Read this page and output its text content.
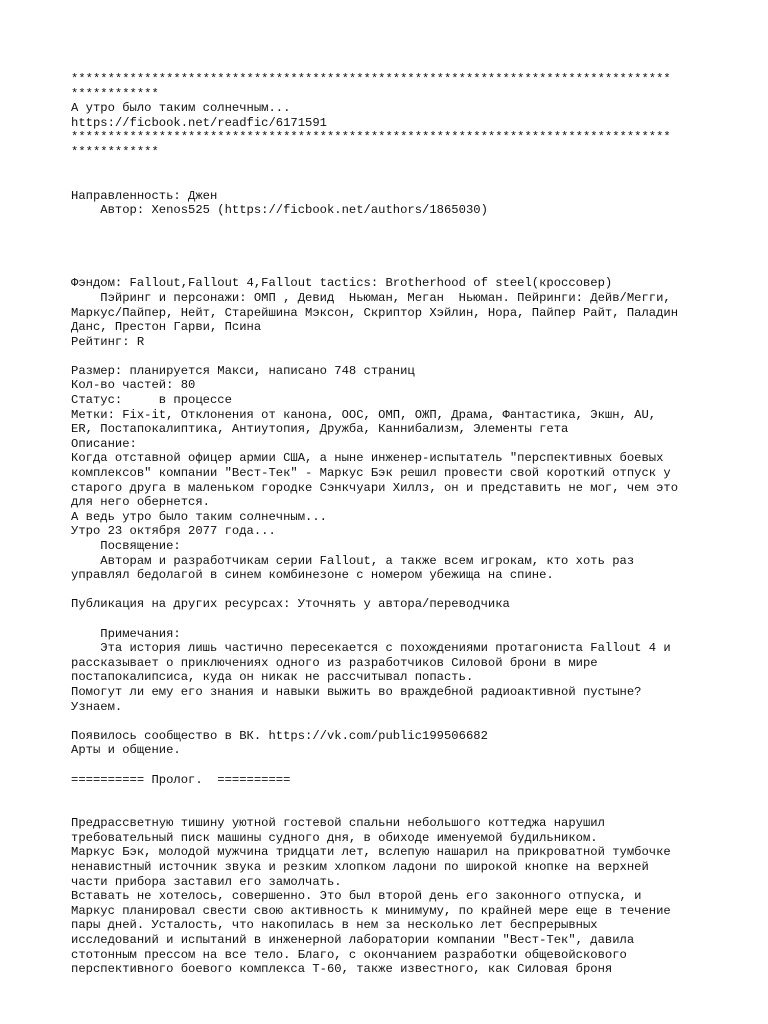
**********************************************************************************
************
А утро было таким солнечным...
https://ficbook.net/readfic/6171591
**********************************************************************************
************
Направленность: Джен
Автор: Xenos525 (https://ficbook.net/authors/1865030)
Фэндом: Fallout,Fallout 4,Fallout tactics: Brotherhood of steel(кроссовер)
Пэйринг и персонажи: ОМП , Девид  Ньюман, Меган  Ньюман. Пейринги: Дейв/Мегги,
Маркус/Пайпер, Нейт, Старейшина Мэксон, Скриптор Хэйлин, Нора, Пайпер Райт, Паладин
Данс, Престон Гарви, Псина
Рейтинг: R
Размер: планируется Макси, написано 748 страниц
Кол-во частей: 80
Статус:     в процессе
Метки: Fix-it, Отклонения от канона, ООС, ОМП, ОЖП, Драма, Фантастика, Экшн, AU,
ER, Постапокалиптика, Антиутопия, Дружба, Каннибализм, Элементы гета
Описание:
Когда отставной офицер армии США, а ныне инженер-испытатель "перспективных боевых
комплексов" компании "Вест-Тек" - Маркус Бэк решил провести свой короткий отпуск у
старого друга в маленьком городке Сэнкчуари Хиллз, он и представить не мог, чем это
для него обернется.
А ведь утро было таким солнечным...
Утро 23 октября 2077 года...
Посвящение:
Авторам и разработчикам серии Fallout, а также всем игрокам, кто хоть раз
управлял бедолагой в синем комбинезоне с номером убежища на спине.
Публикация на других ресурсах: Уточнять у автора/переводчика
Примечания:
Эта история лишь частично пересекается с похождениями протагониста Fallout 4 и
рассказывает о приключениях одного из разработчиков Силовой брони в мире
постапокалипсиса, куда он никак не рассчитывал попасть.
Помогут ли ему его знания и навыки выжить во враждебной радиоактивной пустыне?
Узнаем.
Появилось сообщество в ВК. https://vk.com/public199506682
Арты и общение.
========== Пролог.  ==========
Предрассветную тишину уютной гостевой спальни небольшого коттеджа нарушил
требовательный писк машины судного дня, в обиходе именуемой будильником.
Маркус Бэк, молодой мужчина тридцати лет, вслепую нашарил на прикроватной тумбочке
ненавистный источник звука и резким хлопком ладони по широкой кнопке на верхней
части прибора заставил его замолчать.
Вставать не хотелось, совершенно. Это был второй день его законного отпуска, и
Маркус планировал свести свою активность к минимуму, по крайней мере еще в течение
пары дней. Усталость, что накопилась в нем за несколько лет беспрерывных
исследований и испытаний в инженерной лаборатории компании "Вест-Тек", давила
стотонным прессом на все тело. Благо, с окончанием разработки общевойскового
перспективного боевого комплекса Т-60, также известного, как Силовая броня
